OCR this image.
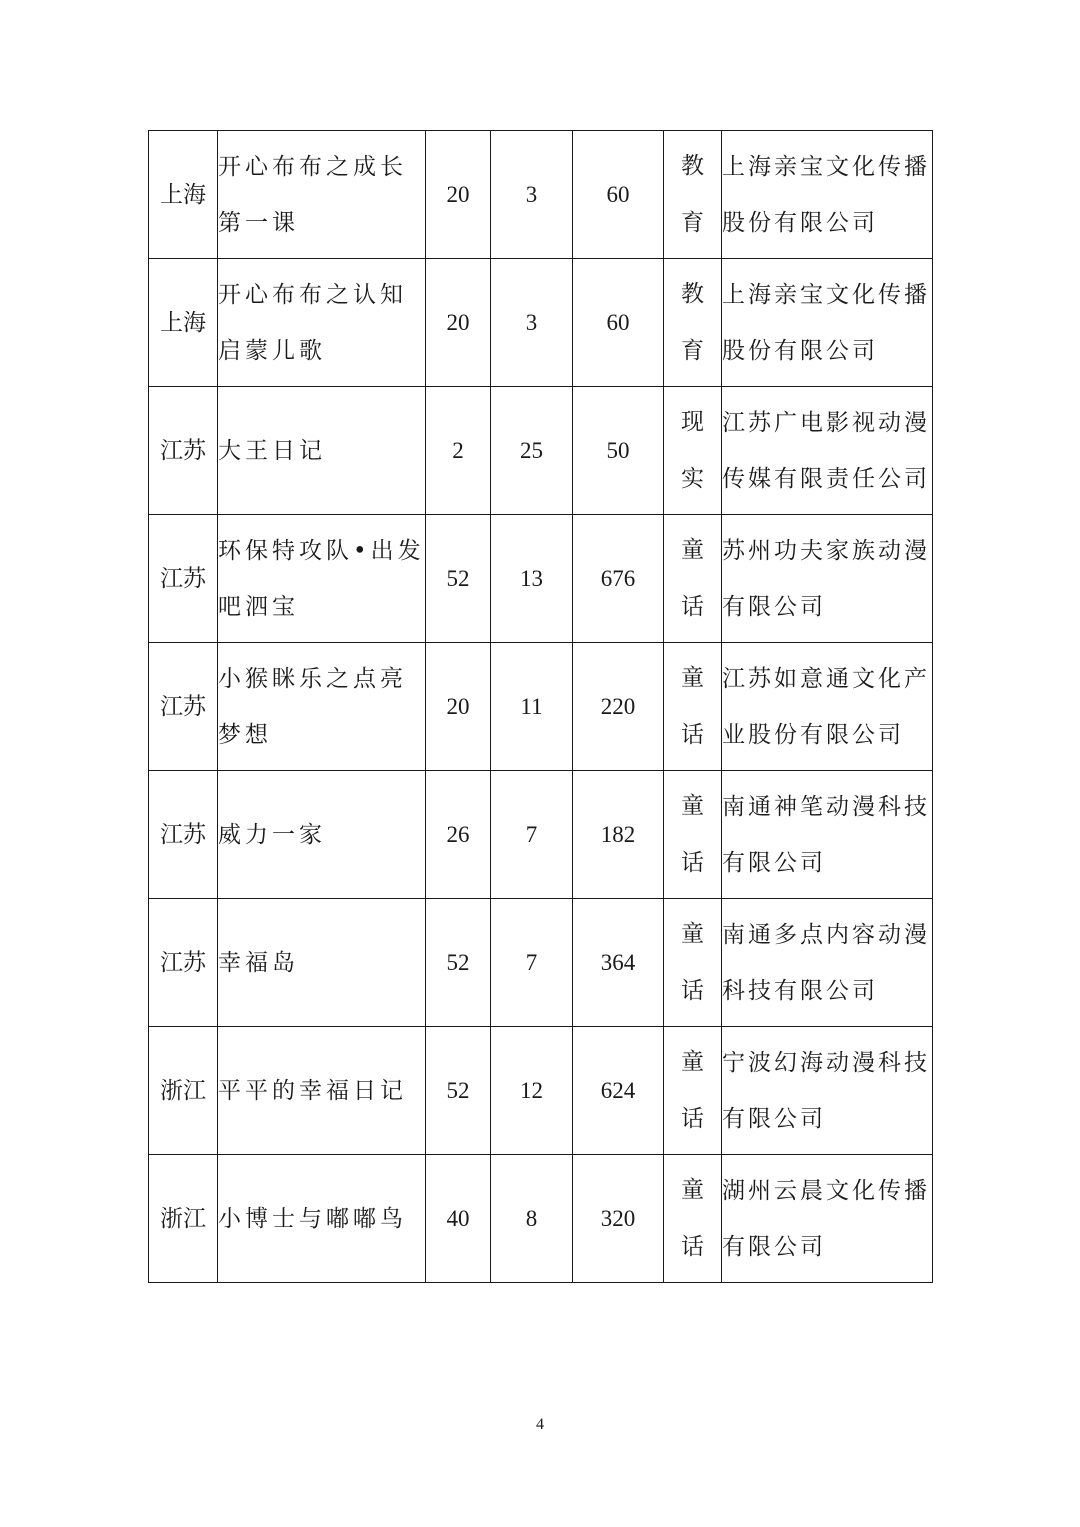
上海	开心布布之成长第一课	20	3	60	教育	上海亲宝文化传播股份有限公司
上海	开心布布之认知启蒙儿歌	20	3	60	教育	上海亲宝文化传播股份有限公司
江苏	大王日记	2	25	50	现实	江苏广电影视动漫传媒有限责任公司
江苏	环保特攻队•出发吧泗宝	52	13	676	童话	苏州功夫家族动漫有限公司
江苏	小猴眯乐之点亮梦想	20	11	220	童话	江苏如意通文化产业股份有限公司
江苏	威力一家	26	7	182	童话	南通神笔动漫科技有限公司
江苏	幸福岛	52	7	364	童话	南通多点内容动漫科技有限公司
浙江	平平的幸福日记	52	12	624	童话	宁波幻海动漫科技有限公司
浙江	小博士与嘟嘟鸟	40	8	320	童话	湖州云晨文化传播有限公司
4
